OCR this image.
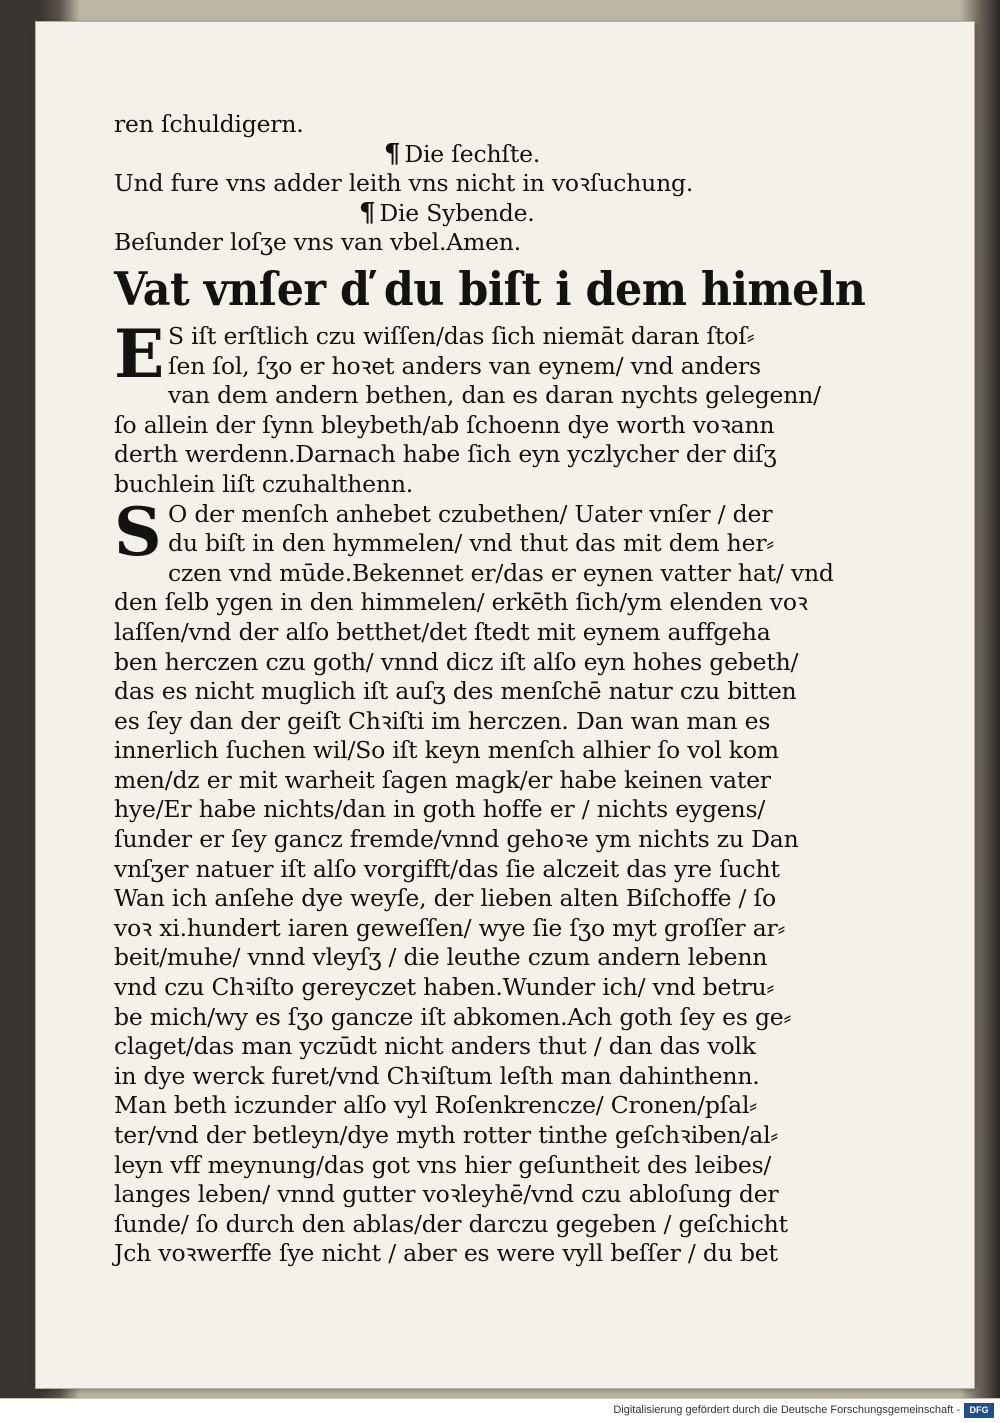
ren ſchuldigern.
¶ Die ſechſte.
Und fure vns adder leith vns nicht in voꝛſuchung.
¶ Die Sybende.
Beſunder loſʒe vns van vbel.Amen.
Vat vnſer ď du biſt i dem himeln
E S iſt erſtlich czu wiſſen/das ſich niemāt daran ſtoſ⸗
ſen ſol, ſʒo er hoꝛet anders van eynem/ vnd anders
van dem andern bethen, dan es daran nychts gelegenn/
ſo allein der ſynn bleybeth/ab ſchoenn dye worth voꝛann
derth werdenn.Darnach habe ſich eyn yczlycher der diſʒ
buchlein liſt czuhalthenn.
S O der menſch anhebet czubethen/ Uater vnſer / der
du biſt in den hymmelen/ vnd thut das mit dem her⸗
czen vnd mūde.Bekennet er/das er eynen vatter hat/ vnd
den ſelb ygen in den himmelen/ erkēth ſich/ym elenden voꝛ
laſſen/vnd der alſo betthet/det ſtedt mit eynem auffgeha
ben herczen czu goth/ vnnd dicz iſt alſo eyn hohes gebeth/
das es nicht muglich iſt auſʒ des menſchē natur czu bitten
es ſey dan der geiſt Chꝛiſti im herczen. Dan wan man es
innerlich ſuchen wil/So iſt keyn menſch alhier ſo vol kom
men/dz er mit warheit ſagen magk/er habe keinen vater
hye/Er habe nichts/dan in goth hoffe er / nichts eygens/
ſunder er ſey gancz fremde/vnnd gehoꝛe ym nichts zu Dan
vnſʒer natuer iſt alſo vorgifft/das ſie alczeit das yre ſucht
Wan ich anſehe dye weyſe, der lieben alten Biſchoffe / ſo
voꝛ xi.hundert iaren geweſſen/ wye ſie ſʒo myt groſſer ar⸗
beit/muhe/ vnnd vleyſʒ / die leuthe czum andern lebenn
vnd czu Chꝛiſto gereyczet haben.Wunder ich/ vnd betru⸗
be mich/wy es ſʒo gancze iſt abkomen.Ach goth ſey es ge⸗
claget/das man yczūdt nicht anders thut / dan das volk
in dye werck furet/vnd Chꝛiſtum leſth man dahinthenn.
Man beth iczunder alſo vyl Roſenkrencze/ Cronen/pſal⸗
ter/vnd der betleyn/dye myth rotter tinthe geſchꝛiben/al⸗
leyn vff meynung/das got vns hier geſuntheit des leibes/
langes leben/ vnnd gutter voꝛleyhē/vnd czu abloſung der
ſunde/ ſo durch den ablas/der darczu gegeben / geſchicht
Jch voꝛwerffe ſye nicht / aber es were vyll beſſer / du bet
Digitalisierung gefördert durch die Deutsche Forschungsgemeinschaft -	DFG
